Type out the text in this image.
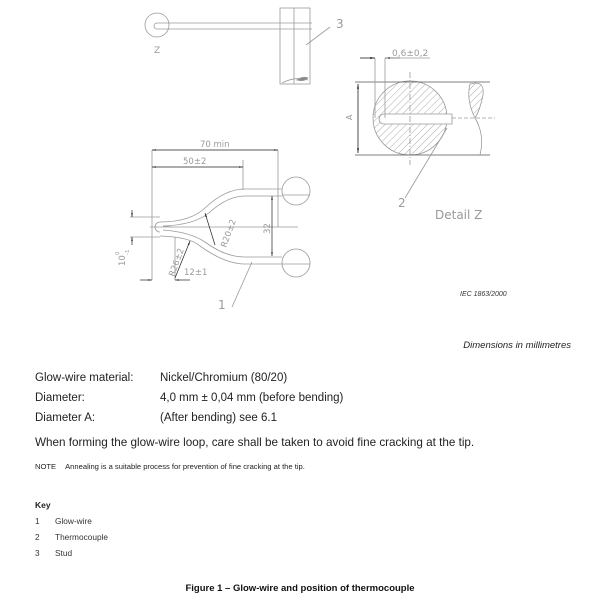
Z
3
0,6±0,2
A
2
Detail Z
70 min
50±2
32
R20±2
R26±2
12±1
10
0 -1
1
IEC 1863/2000
Dimensions in millimetres
Glow-wire material: Nickel/Chromium (80/20)
Diameter:	4,0 mm ± 0,04 mm (before bending)
Diameter A:	(After bending) see 6.1
When forming the glow-wire loop, care shall be taken to avoid fine cracking at the tip.
NOTE Annealing is a suitable process for prevention of fine cracking at the tip.
Key
1 Glow-wire
2 Thermocouple
3 Stud
Figure 1 – Glow-wire and position of thermocouple
